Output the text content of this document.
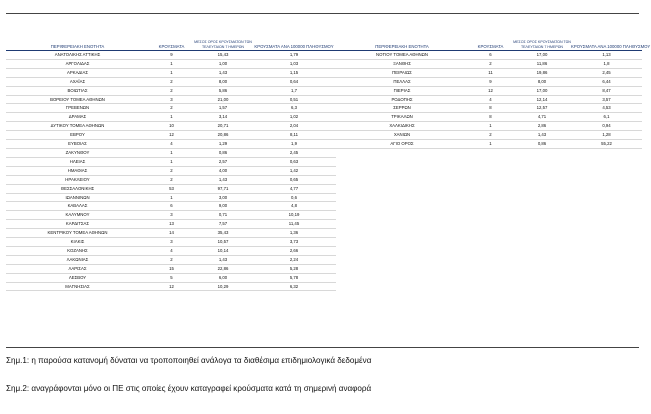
ΠΕΡΙΦΕΡΕΙΑΚΗ ΕΝΟΤΗΤΑ	ΚΡΟΥΣΜΑΤΑ	ΜΕΣΟΣ ΟΡΟΣ ΚΡΟΥΣΜΑΤΩΝ ΤΩΝ ΤΕΛΕΥΤΑΙΩΝ 7 ΗΜΕΡΩΝ	ΚΡΟΥΣΜΑΤΑ ΑΝΑ 100000 ΠΛΗΘΥΣΜΟΥ
ΑΝΑΤΟΛΙΚΗΣ ΑΤΤΙΚΗΣ	9	15,43	1,79
ΑΡΓΟΛΙΔΑΣ	1	1,00	1,03
ΑΡΚΑΔΙΑΣ	1	1,43	1,15
ΑΧΑΪΑΣ	2	8,00	0,64
ΒΟΙΩΤΙΑΣ	2	5,86	1,7
ΒΟΡΕΙΟΥ ΤΟΜΕΑ ΑΘΗΝΩΝ	3	21,00	0,51
ΓΡΕΒΕΝΩΝ	2	1,57	6,3
ΔΡΑΜΑΣ	1	3,14	1,02
ΔΥΤΙΚΟΥ ΤΟΜΕΑ ΑΘΗΝΩΝ	10	20,71	2,04
ΕΒΡΟΥ	12	20,86	8,11
ΕΥΒΟΙΑΣ	4	1,29	1,9
ΖΑΚΥΝΘΟΥ	1	0,86	2,45
ΗΛΕΙΑΣ	1	2,57	0,63
ΗΜΑΘΙΑΣ	2	4,00	1,42
ΗΡΑΚΛΕΙΟΥ	2	1,43	0,65
ΘΕΣΣΑΛΟΝΙΚΗΣ	53	97,71	4,77
ΙΩΑΝΝΙΝΩΝ	1	3,00	0,6
ΚΑΒΑΛΑΣ	6	9,00	4,8
ΚΑΛΥΜΝΟΥ	3	0,71	10,19
ΚΑΡΔΙΤΣΑΣ	13	7,57	11,45
ΚΕΝΤΡΙΚΟΥ ΤΟΜΕΑ ΑΘΗΝΩΝ	14	35,43	1,36
ΚΙΛΚΙΣ	3	10,57	3,73
ΚΟΖΑΝΗΣ	4	10,14	2,66
ΛΑΚΩΝΙΑΣ	2	1,43	2,24
ΛΑΡΙΣΑΣ	15	22,86	5,28
ΛΕΣΒΟΥ	5	6,00	5,78
ΜΑΓΝΗΣΙΑΣ	12	10,29	6,32
ΠΕΡΙΦΕΡΕΙΑΚΗ ΕΝΟΤΗΤΑ	ΚΡΟΥΣΜΑΤΑ	ΜΕΣΟΣ ΟΡΟΣ ΚΡΟΥΣΜΑΤΩΝ ΤΩΝ ΤΕΛΕΥΤΑΙΩΝ 7 ΗΜΕΡΩΝ	ΚΡΟΥΣΜΑΤΑ ΑΝΑ 100000 ΠΛΗΘΥΣΜΟΥ
ΝΟΤΙΟΥ ΤΟΜΕΑ ΑΘΗΝΩΝ	6	17,00	1,13
ΞΑΝΘΗΣ	2	11,86	1,8
ΠΕΙΡΑΙΩΣ	11	19,86	2,45
ΠΕΛΛΑΣ	9	8,00	6,44
ΠΙΕΡΙΑΣ	12	17,00	8,47
ΡΟΔΟΠΗΣ	4	12,14	3,57
ΣΕΡΡΩΝ	8	12,57	4,53
ΤΡΙΚΑΛΩΝ	8	4,71	6,1
ΧΑΛΚΙΔΙΚΗΣ	1	2,86	0,94
ΧΑΝΙΩΝ	2	1,43	1,28
ΑΓΙΟ ΟΡΟΣ	1	0,86	55,22
Σημ.1: η παρούσα κατανομή δύναται να τροποποιηθεί ανάλογα τα διαθέσιμα επιδημιολογικά δεδομένα
Σημ.2: αναγράφονται μόνο οι ΠΕ στις οποίες έχουν καταγραφεί κρούσματα κατά τη σημερινή αναφορά
